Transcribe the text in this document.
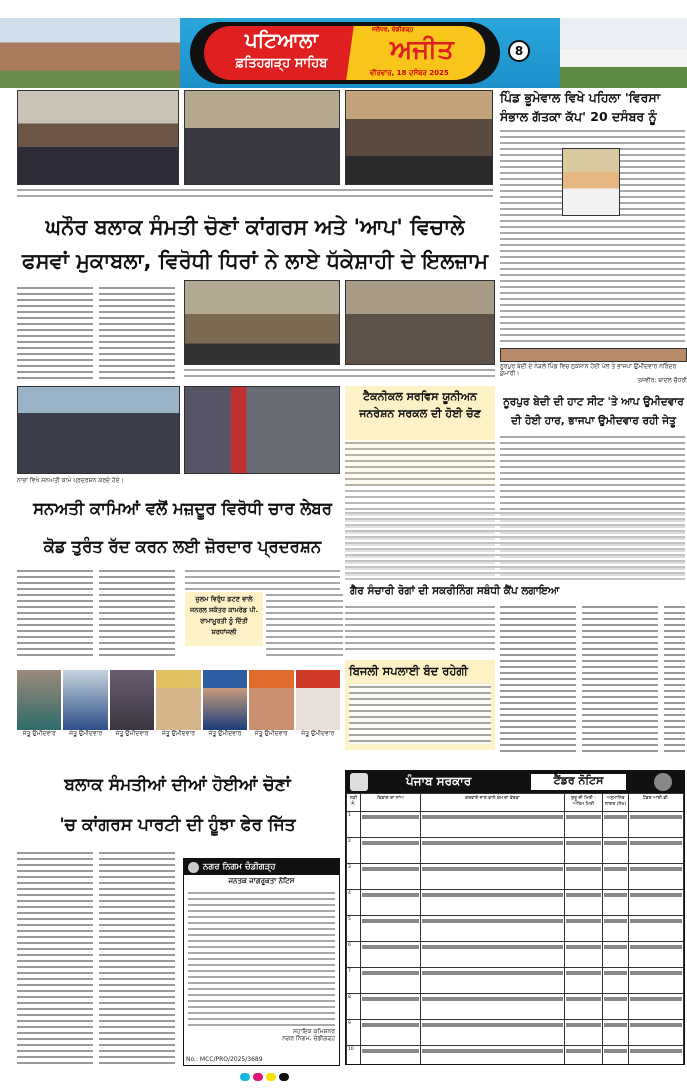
ਪਟਿਆਲਾ
ਫ਼ਤਿਹਗੜ੍ਹ ਸਾਹਿਬ
ਜਲੰਧਰ, ਚੰਡੀਗੜ੍ਹ
ਅਜੀਤ
ਵੀਰਵਾਰ, 18 ਦਸੰਬਰ 2025
8
ਪਿੰਡ ਭੂਮੇਵਾਲ ਵਿਖੇ ਪਹਿਲਾ 'ਵਿਰਸਾ ਸੰਭਾਲ ਗੱਤਕਾ ਕੱਪ' 20 ਦਸੰਬਰ ਨੂੰ
ਨੂਰਪੁਰ ਬੇਦੀ ਦੇ ਨੇੜਲੇ ਪਿੰਡ ਵਿਚ ਨੁਕਸਾਨ ਹੋਈ ਪੋਲ ਤੇ ਭਾਜਪਾ ਉਮੀਦਵਾਰ ਨਰਿੰਦਰ ਕੁਮਾਰੀ।
ਤਸਵੀਰ: ਬਾਦਲ ਚੌਧਰੀ
ਨੂਰਪੁਰ ਬੇਦੀ ਦੀ ਹਾਟ ਸੀਟ 'ਤੇ ਆਪ ਉਮੀਦਵਾਰ
ਦੀ ਹੋਈ ਹਾਰ, ਭਾਜਪਾ ਉਮੀਦਵਾਰ ਰਹੀ ਜੇਤੂ
ਘਨੌਰ ਬਲਾਕ ਸੰਮਤੀ ਚੋਣਾਂ ਕਾਂਗਰਸ ਅਤੇ 'ਆਪ' ਵਿਚਾਲੇ
ਫਸਵਾਂ ਮੁਕਾਬਲਾ, ਵਿਰੋਧੀ ਧਿਰਾਂ ਨੇ ਲਾਏ ਧੱਕੇਸ਼ਾਹੀ ਦੇ ਇਲਜ਼ਾਮ
ਨਾਭਾ ਵਿਖੇ ਸਨਅਤੀ ਕਾਮੇ ਪ੍ਰਦਰਸ਼ਨ ਕਰਦੇ ਹੋਏ।
ਟੈਕਨੀਕਲ ਸਰਵਿਸ ਯੂਨੀਅਨ ਜਨਰੇਸ਼ਨ ਸਰਕਲ ਦੀ ਹੋਈ ਚੋਣ
ਸਨਅਤੀ ਕਾਮਿਆਂ ਵਲੋਂ ਮਜ਼ਦੂਰ ਵਿਰੋਧੀ ਚਾਰ ਲੇਬਰ
ਕੋਡ ਤੁਰੰਤ ਰੱਦ ਕਰਨ ਲਈ ਜ਼ੋਰਦਾਰ ਪ੍ਰਦਰਸ਼ਨ
ਜ਼ੁਲਮ ਵਿਰੁੱਧ ਡਟਣ ਵਾਲੇ ਜਨਰਲ ਸਕੱਤਰ ਕਾਮਰੇਡ ਪੀ. ਰਾਮਾਮੂਰਤੀ ਨੂੰ ਦਿੱਤੀ ਸ਼ਰਧਾਂਜਲੀ
ਗੈਰ ਸੰਚਾਰੀ ਰੋਗਾਂ ਦੀ ਸਕਰੀਨਿੰਗ ਸਬੰਧੀ ਕੈਂਪ ਲਗਾਇਆ
ਬਿਜਲੀ ਸਪਲਾਈ ਬੰਦ ਰਹੇਗੀ
ਜੇਤੂ ਉਮੀਦਵਾਰ	ਜੇਤੂ ਉਮੀਦਵਾਰ	ਜੇਤੂ ਉਮੀਦਵਾਰ	ਜੇਤੂ ਉਮੀਦਵਾਰ	ਜੇਤੂ ਉਮੀਦਵਾਰ	ਜੇਤੂ ਉਮੀਦਵਾਰ	ਜੇਤੂ ਉਮੀਦਵਾਰ
ਬਲਾਕ ਸੰਮਤੀਆਂ ਦੀਆਂ ਹੋਈਆਂ ਚੋਣਾਂ
'ਚ ਕਾਂਗਰਸ ਪਾਰਟੀ ਦੀ ਹੂੰਝਾ ਫੇਰ ਜਿੱਤ
ਨਗਰ ਨਿਗਮ ਚੰਡੀਗੜ੍ਹ
ਜਨਤਕ ਜਾਗਰੂਕਤਾ ਨੋਟਿਸ
ਸਹਾਇਕ ਕਮਿਸ਼ਨਰ
ਨਗਰ ਨਿਗਮ, ਚੰਡੀਗੜ੍ਹ
No.: MCC/PRO/2025/3689
ਪੰਜਾਬ ਸਰਕਾਰ	ਟੈਂਡਰ ਨੋਟਿਸ
ਲੜੀ ਨੰ.	ਵਿਭਾਗ ਦਾ ਨਾਂਅ	ਕਰਵਾਏ ਜਾਣ ਵਾਲੇ ਕੰਮ ਦਾ ਵੇਰਵਾ	ਸ਼ੁਰੂ ਦੀ ਮਿਤੀ - ਅੰਤਿਮ ਮਿਤੀ	ਅਨੁਮਾਨਿਤ ਲਾਗਤ (ਲੱਖ)	ਟੈਂਡਰ ਆਈ.ਡੀ.
1	

2	

3	

4	

5	

6	

7	

8	

9	

10	
